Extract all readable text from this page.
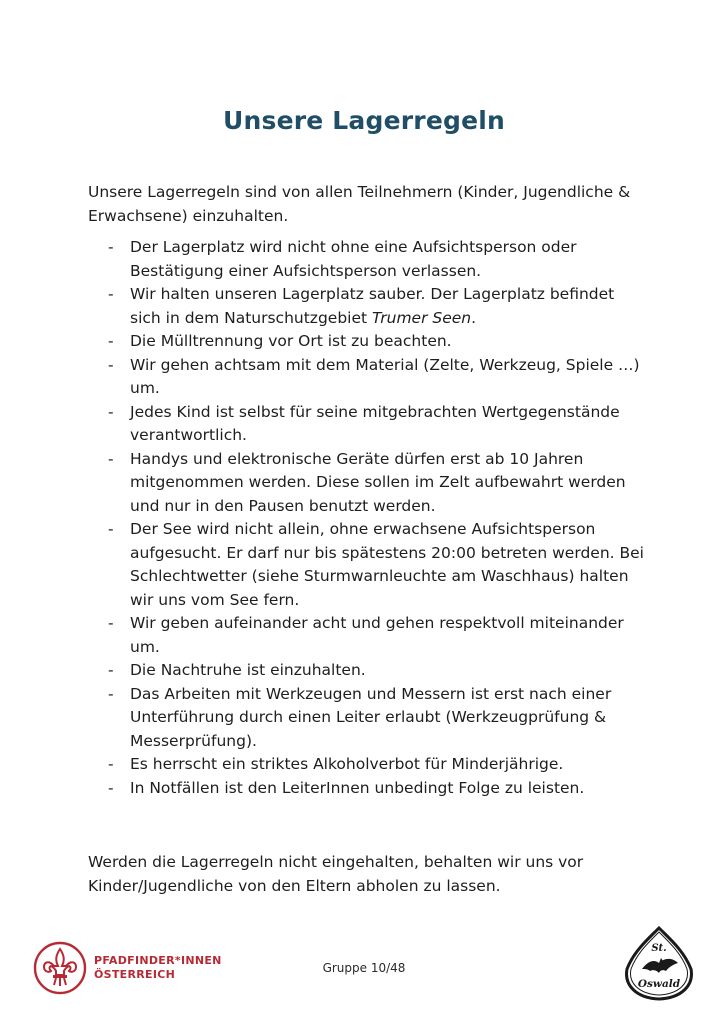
Unsere Lagerregeln

Unsere Lagerregeln sind von allen Teilnehmern (Kinder, Jugendliche & Erwachsene) einzuhalten.

- Der Lagerplatz wird nicht ohne eine Aufsichtsperson oder Bestätigung einer Aufsichtsperson verlassen.
- Wir halten unseren Lagerplatz sauber. Der Lagerplatz befindet sich in dem Naturschutzgebiet Trumer Seen.
- Die Mülltrennung vor Ort ist zu beachten.
- Wir gehen achtsam mit dem Material (Zelte, Werkzeug, Spiele …) um.
- Jedes Kind ist selbst für seine mitgebrachten Wertgegenstände verantwortlich.
- Handys und elektronische Geräte dürfen erst ab 10 Jahren mitgenommen werden. Diese sollen im Zelt aufbewahrt werden und nur in den Pausen benutzt werden.
- Der See wird nicht allein, ohne erwachsene Aufsichtsperson aufgesucht. Er darf nur bis spätestens 20:00 betreten werden. Bei Schlechtwetter (siehe Sturmwarnleuchte am Waschhaus) halten wir uns vom See fern.
- Wir geben aufeinander acht und gehen respektvoll miteinander um.
- Die Nachtruhe ist einzuhalten.
- Das Arbeiten mit Werkzeugen und Messern ist erst nach einer Unterführung durch einen Leiter erlaubt (Werkzeugprüfung & Messerprüfung).
- Es herrscht ein striktes Alkoholverbot für Minderjährige.
- In Notfällen ist den LeiterInnen unbedingt Folge zu leisten.

Werden die Lagerregeln nicht eingehalten, behalten wir uns vor Kinder/Jugendliche von den Eltern abholen zu lassen.

PFADFINDER*INNEN
ÖSTERREICH	Gruppe 10/48
St.
Oswald
